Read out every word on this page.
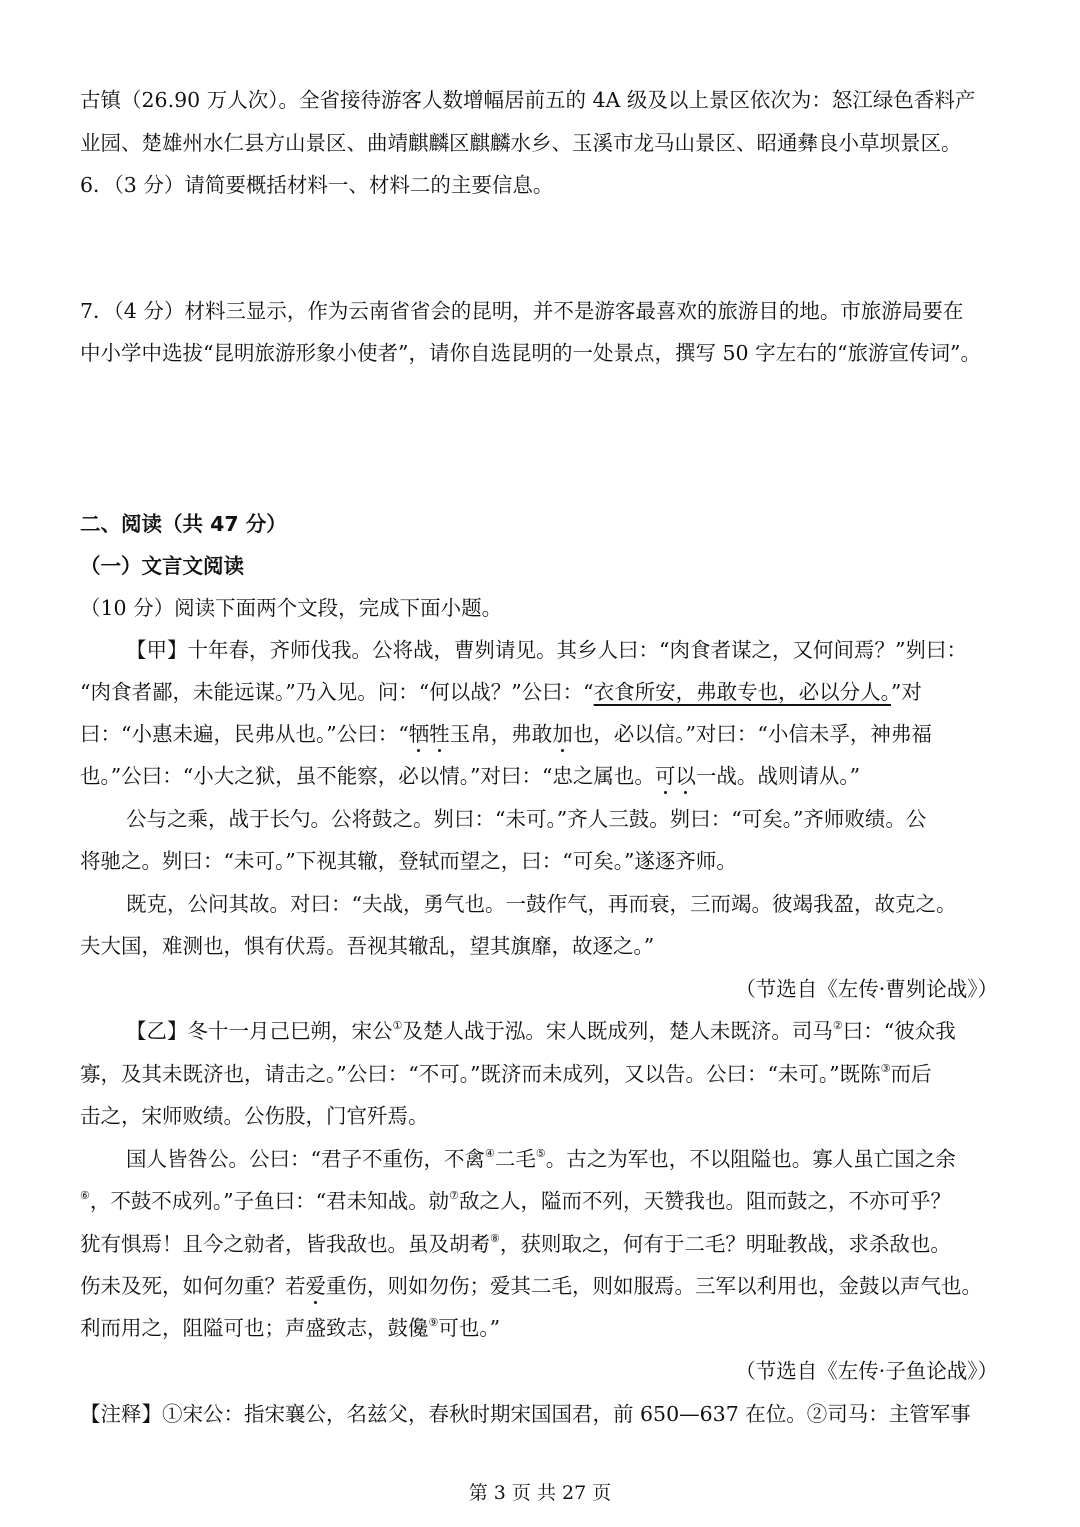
古镇（26.90 万人次）。全省接待游客人数增幅居前五的 4A 级及以上景区依次为：怒江绿色香料产
业园、楚雄州水仁县方山景区、曲靖麒麟区麒麟水乡、玉溪市龙马山景区、昭通彝良小草坝景区。
6．（3 分）请简要概括材料一、材料二的主要信息。
7．（4 分）材料三显示，作为云南省省会的昆明，并不是游客最喜欢的旅游目的地。市旅游局要在
中小学中选拔“昆明旅游形象小使者”，请你自选昆明的一处景点，撰写 50 字左右的“旅游宣传词”。
二、阅读（共 47 分）
（一）文言文阅读
（10 分）阅读下面两个文段，完成下面小题。
【甲】十年春，齐师伐我。公将战，曹刿请见。其乡人曰：“肉食者谋之，又何间焉？”刿曰：
“肉食者鄙，未能远谋。”乃入见。问：“何以战？”公曰：“衣食所安，弗敢专也，必以分人。”对
曰：“小惠未遍，民弗从也。”公曰：“牺牲玉帛，弗敢加也，必以信。”对曰：“小信未孚，神弗福
也。”公曰：“小大之狱，虽不能察，必以情。”对曰：“忠之属也。可以一战。战则请从。”
公与之乘，战于长勺。公将鼓之。刿曰：“未可。”齐人三鼓。刿曰：“可矣。”齐师败绩。公
将驰之。刿曰：“未可。”下视其辙，登轼而望之，曰：“可矣。”遂逐齐师。
既克，公问其故。对曰：“夫战，勇气也。一鼓作气，再而衰，三而竭。彼竭我盈，故克之。
夫大国，难测也，惧有伏焉。吾视其辙乱，望其旗靡，故逐之。”
（节选自《左传·曹刿论战》）
【乙】冬十一月己巳朔，宋公①及楚人战于泓。宋人既成列，楚人未既济。司马②曰：“彼众我
寡，及其未既济也，请击之。”公曰：“不可。”既济而未成列，又以告。公曰：“未可。”既陈③而后
击之，宋师败绩。公伤股，门官歼焉。
国人皆咎公。公曰：“君子不重伤，不禽④二毛⑤。古之为军也，不以阻隘也。寡人虽亡国之余
⑥，不鼓不成列。”子鱼曰：“君未知战。勍⑦敌之人，隘而不列，天赞我也。阻而鼓之，不亦可乎？
犹有惧焉！且今之勍者，皆我敌也。虽及胡耇⑧，获则取之，何有于二毛？明耻教战，求杀敌也。
伤未及死，如何勿重？若爱重伤，则如勿伤；爱其二毛，则如服焉。三军以利用也，金鼓以声气也。
利而用之，阻隘可也；声盛致志，鼓儳⑨可也。”
（节选自《左传·子鱼论战》）
【注释】①宋公：指宋襄公，名兹父，春秋时期宋国国君，前 650—637 在位。②司马：主管军事
第 3 页 共 27 页
